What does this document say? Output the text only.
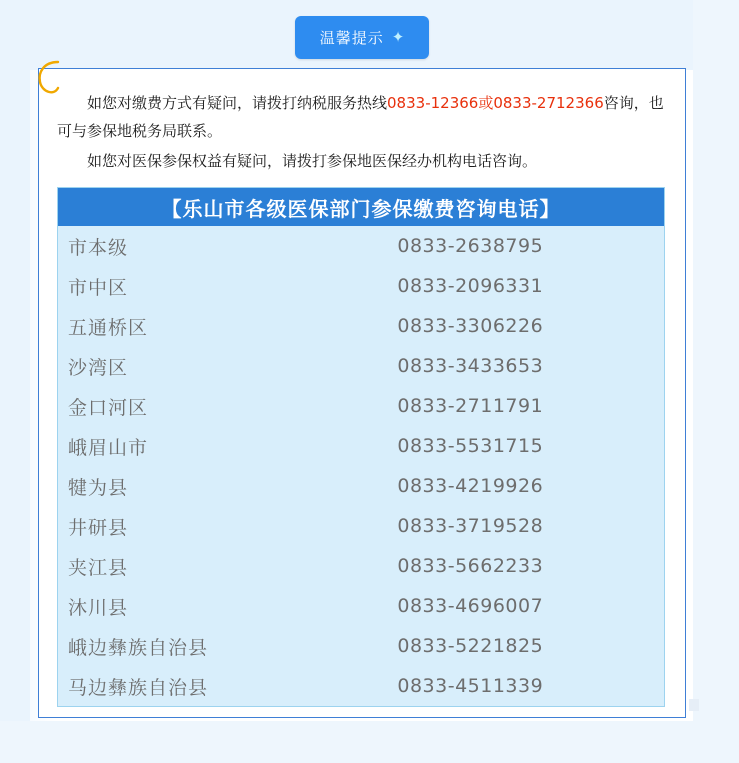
温馨提示 ✦

如您对缴费方式有疑问，请拨打纳税服务热线0833-12366或0833-2712366咨询，也可与参保地税务局联系。

如您对医保参保权益有疑问，请拨打参保地医保经办机构电话咨询。

【乐山市各级医保部门参保缴费咨询电话】
市本级	0833-2638795
市中区	0833-2096331
五通桥区	0833-3306226
沙湾区	0833-3433653
金口河区	0833-2711791
峨眉山市	0833-5531715
犍为县	0833-4219926
井研县	0833-3719528
夹江县	0833-5662233
沐川县	0833-4696007
峨边彝族自治县	0833-5221825
马边彝族自治县	0833-4511339
